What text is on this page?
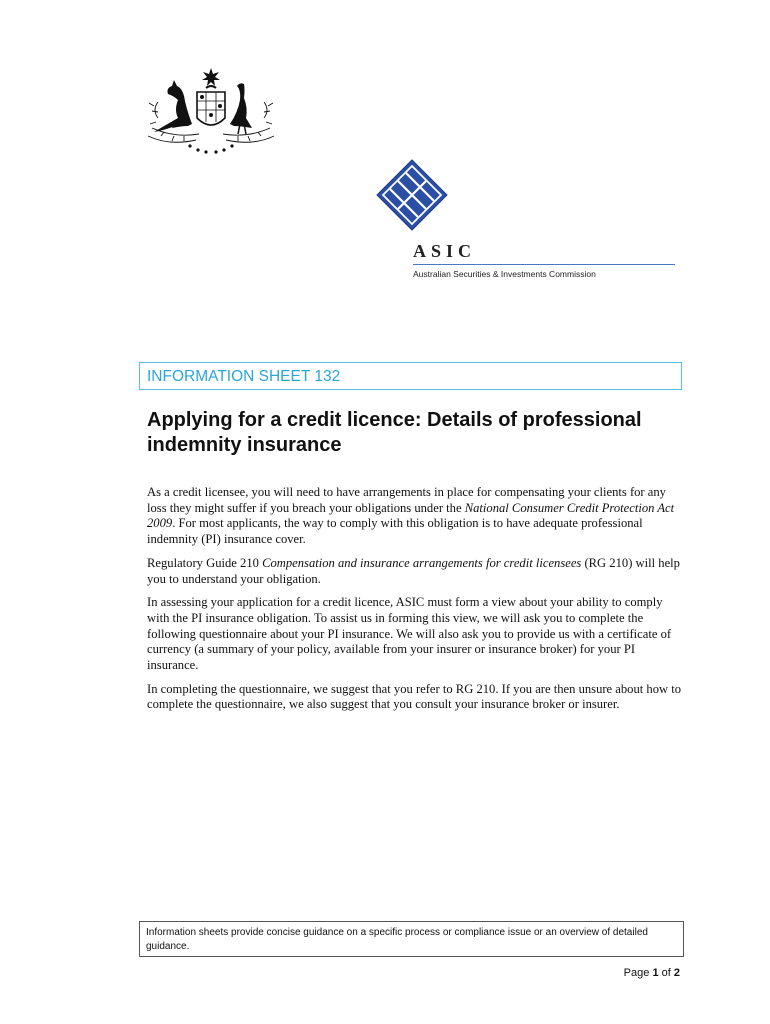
ASIC
Australian Securities & Investments Commission

INFORMATION SHEET 132

Applying for a credit licence: Details of professional indemnity insurance

As a credit licensee, you will need to have arrangements in place for compensating your clients for any loss they might suffer if you breach your obligations under the National Consumer Credit Protection Act 2009. For most applicants, the way to comply with this obligation is to have adequate professional indemnity (PI) insurance cover.

Regulatory Guide 210 Compensation and insurance arrangements for credit licensees (RG 210) will help you to understand your obligation.

In assessing your application for a credit licence, ASIC must form a view about your ability to comply with the PI insurance obligation. To assist us in forming this view, we will ask you to complete the following questionnaire about your PI insurance. We will also ask you to provide us with a certificate of currency (a summary of your policy, available from your insurer or insurance broker) for your PI insurance.

In completing the questionnaire, we suggest that you refer to RG 210. If you are then unsure about how to complete the questionnaire, we also suggest that you consult your insurance broker or insurer.

Information sheets provide concise guidance on a specific process or compliance issue or an overview of detailed guidance.

Page 1 of 2
